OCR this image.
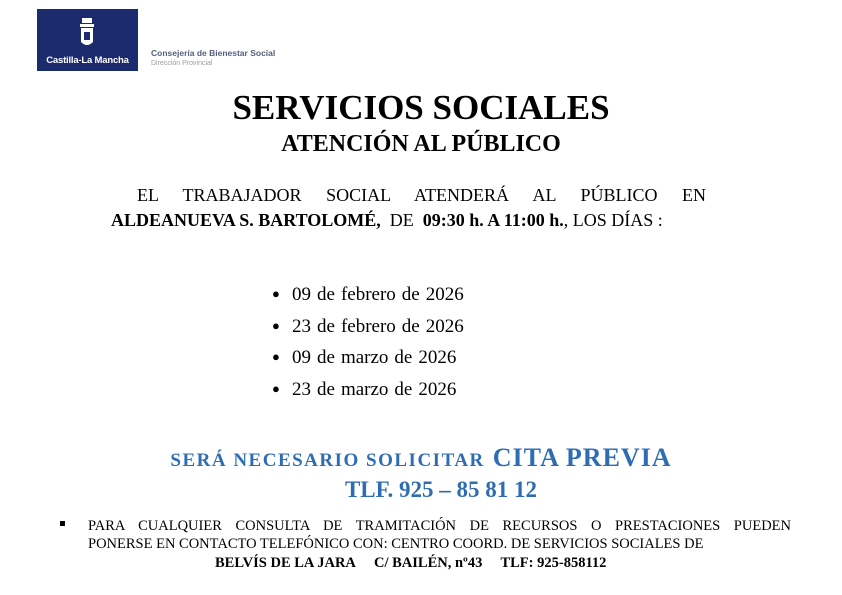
Castilla-La Mancha
Consejería de Bienestar Social
Dirección Provincial
SERVICIOS SOCIALES
ATENCIÓN AL PÚBLICO
EL TRABAJADOR SOCIAL ATENDERÁ AL PÚBLICO EN
ALDEANUEVA S. BARTOLOMÉ, DE 09:30 h. A 11:00 h., LOS DÍAS :
● 09 de febrero de 2026
● 23 de febrero de 2026
● 09 de marzo de 2026
● 23 de marzo de 2026
SERÁ NECESARIO SOLICITAR CITA PREVIA
TLF. 925 – 85 81 12
PARA CUALQUIER CONSULTA DE TRAMITACIÓN DE RECURSOS O PRESTACIONES PUEDEN
PONERSE EN CONTACTO TELEFÓNICO CON: CENTRO COORD. DE SERVICIOS SOCIALES DE
BELVÍS DE LA JARA C/ BAILÉN, nº43 TLF: 925-858112
